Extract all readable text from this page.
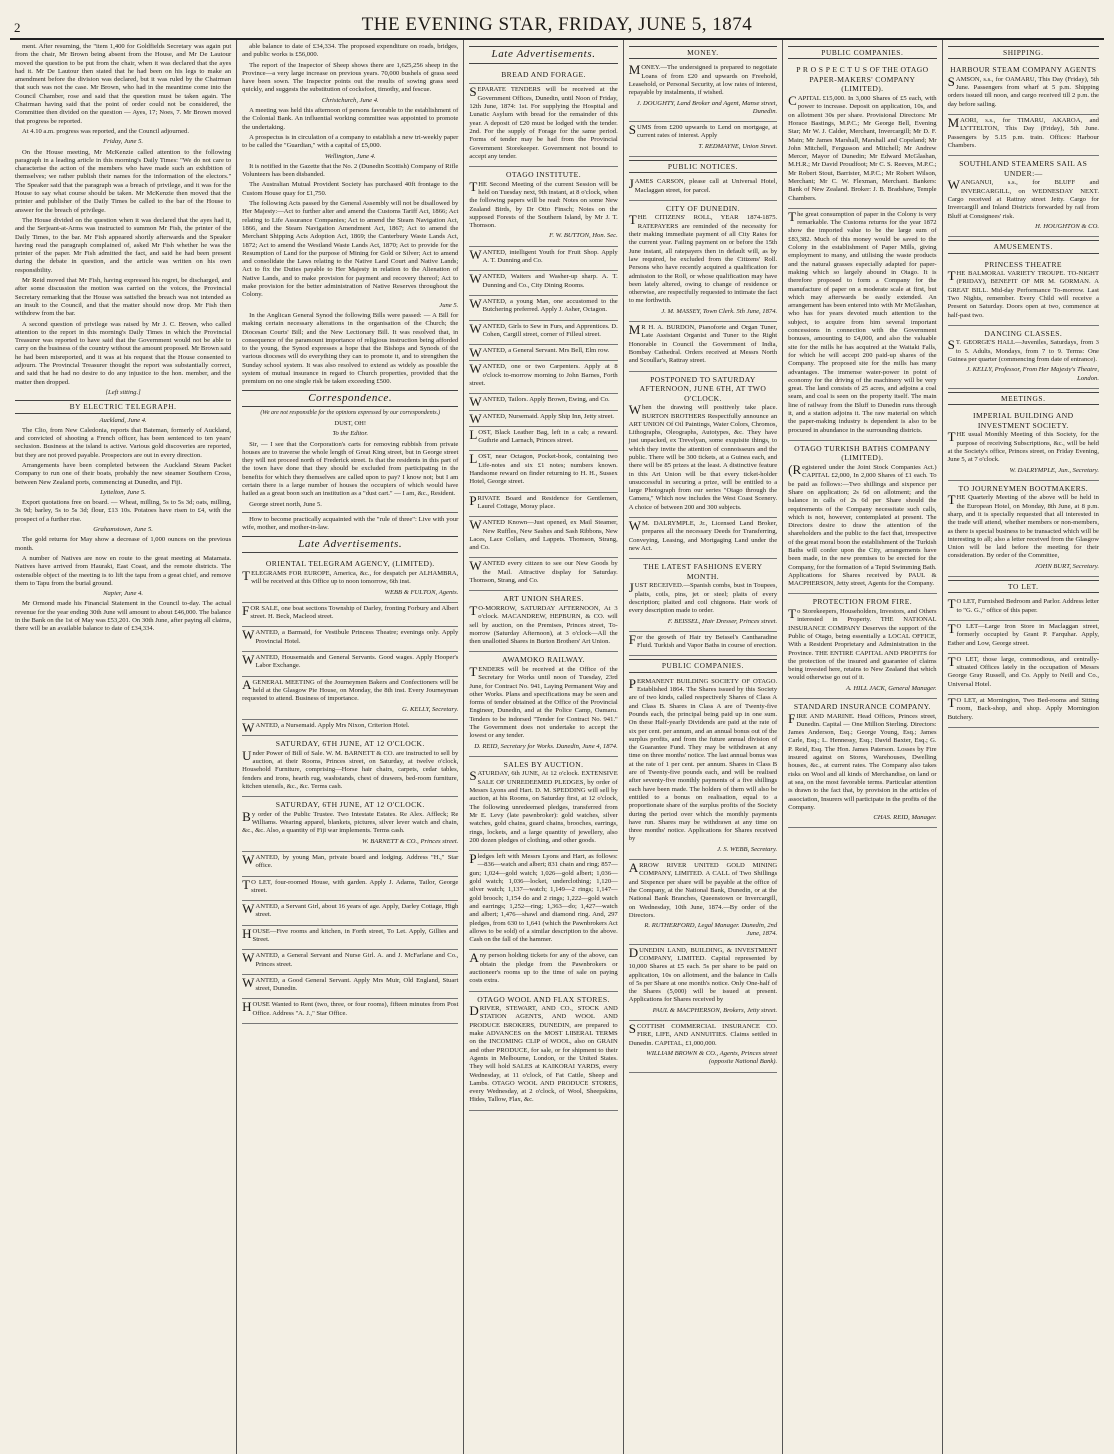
2	THE EVENING STAR, FRIDAY, JUNE 5, 1874

ment. After resuming, the "item 1,400 for Goldfields Secretary was again put from the chair, Mr Brown being absent from the House, and Mr De Lautour moved the question to be put from the chair, when it was declared that the ayes had it. Mr De Lautour then stated that he had been on his legs to make an amendment before the division was declared, but it was ruled by the Chairman that such was not the case. Mr Brown, who had in the meantime come into the Council Chamber, rose and said that the question must be taken again. The Chairman having said that the point of order could not be considered, the Committee then divided on the question — Ayes, 17; Noes, 7. Mr Brown moved that progress be reported.

At 4.10 a.m. progress was reported, and the Council adjourned.

Friday, June 5.

On the House meeting, Mr McKenzie called attention to the following paragraph in a leading article in this morning's Daily Times: "We do not care to characterise the action of the members who have made such an exhibition of themselves; we rather publish their names for the information of the electors." The Speaker said that the paragraph was a breach of privilege, and it was for the House to say what course should be taken. Mr McKenzie then moved that the printer and publisher of the Daily Times be called to the bar of the House to answer for the breach of privilege.

The House divided on the question when it was declared that the ayes had it, and the Serjeant-at-Arms was instructed to summon Mr Fish, the printer of the Daily Times, to the bar. Mr Fish appeared shortly afterwards and the Speaker having read the paragraph complained of, asked Mr Fish whether he was the printer of the paper. Mr Fish admitted the fact, and said he had been present during the debate in question, and the article was written on his own responsibility.

Mr Reid moved that Mr Fish, having expressed his regret, be discharged, and after some discussion the motion was carried on the voices, the Provincial Secretary remarking that the House was satisfied the breach was not intended as an insult to the Council, and that the matter should now drop. Mr Fish then withdrew from the bar.

A second question of privilege was raised by Mr J. C. Brown, who called attention to the report in this morning's Daily Times in which the Provincial Treasurer was reported to have said that the Government would not be able to carry on the business of the country without the amount proposed. Mr Brown said he had been misreported, and it was at his request that the House consented to adjourn. The Provincial Treasurer thought the report was substantially correct, and said that he had no desire to do any injustice to the hon. member, and the matter then dropped.

[Left sitting.]

BY ELECTRIC TELEGRAPH.

Auckland, June 4.

The Clio, from New Caledonia, reports that Bateman, formerly of Auckland, and convicted of shooting a French officer, has been sentenced to ten years' seclusion. Business at the island is active. Various gold discoveries are reported, but they are not proved payable. Prospectors are out in every direction.

Arrangements have been completed between the Auckland Steam Packet Company to run one of their boats, probably the new steamer Southern Cross, between New Zealand ports, commencing at Dunedin, and Fiji.

Lyttelton, June 5.

Export quotations free on board. — Wheat, milling, 5s to 5s 3d; oats, milling, 3s 9d; barley, 5s to 5s 3d; flour, £13 10s. Potatoes have risen to £4, with the prospect of a further rise.

Grahamstown, June 5.

The gold returns for May show a decrease of 1,000 ounces on the previous month.

A number of Natives are now en route to the great meeting at Matamata. Natives have arrived from Hauraki, East Coast, and the remote districts. The ostensible object of the meeting is to lift the tapu from a great chief, and remove them to Tapu from the burial ground.

Napier, June 4.

Mr Ormond made his Financial Statement in the Council to-day. The actual revenue for the year ending 30th June will amount to about £46,000. The balance in the Bank on the 1st of May was £53,201. On 30th June, after paying all claims, there will be an available balance to date of £34,334.

able balance to date of £34,334. The proposed expenditure on roads, bridges, and public works is £56,000.

The report of the Inspector of Sheep shows there are 1,625,256 sheep in the Province—a very large increase on previous years. 70,000 bushels of grass seed have been sown. The Inspector points out the results of sowing grass seed quickly, and suggests the substitution of cocksfoot, timothy, and fescue.

Christchurch, June 4.

A meeting was held this afternoon of persons favorable to the establishment of the Colonial Bank. An influential working committee was appointed to promote the undertaking.

A prospectus is in circulation of a company to establish a new tri-weekly paper to be called the "Guardian," with a capital of £5,000.

Wellington, June 4.

It is notified in the Gazette that the No. 2 (Dunedin Scottish) Company of Rifle Volunteers has been disbanded.

The Australian Mutual Provident Society has purchased 40ft frontage to the Custom House quay for £1,750.

The following Acts passed by the General Assembly will not be disallowed by Her Majesty:—Act to further alter and amend the Customs Tariff Act, 1866; Act relating to Life Assurance Companies; Act to amend the Steam Navigation Act, 1866, and the Steam Navigation Amendment Act, 1867; Act to amend the Merchant Shipping Acts Adoption Act, 1869; the Canterbury Waste Lands Act, 1872; Act to amend the Westland Waste Lands Act, 1870; Act to provide for the Resumption of Land for the purpose of Mining for Gold or Silver; Act to amend and consolidate the Laws relating to the Native Land Court and Native Lands; Act to fix the Duties payable to Her Majesty in relation to the Alienation of Native Lands, and to make provision for payment and recovery thereof; Act to make provision for the better administration of Native Reserves throughout the Colony.

June 5.

In the Anglican General Synod the following Bills were passed: — A Bill for making certain necessary alterations in the organisation of the Church; the Diocesan Courts' Bill; and the New Lectionary Bill. It was resolved that, in consequence of the paramount importance of religious instruction being afforded to the young, the Synod expresses a hope that the Bishops and Synods of the various dioceses will do everything they can to promote it, and to strengthen the Sunday school system. It was also resolved to extend as widely as possible the system of mutual insurance in regard to Church properties, provided that the premium on no one single risk be taken exceeding £500.

Correspondence.

(We are not responsible for the opinions expressed by our correspondents.)

DUST, OH!

To the Editor.

Sir, — I see that the Corporation's carts for removing rubbish from private houses are to traverse the whole length of Great King street, but in George street they will not proceed north of Frederick street. Is that the residents in this part of the town have done that they should be excluded from participating in the benefits for which they themselves are called upon to pay? I know not; but I am certain there is a large number of houses the occupiers of which would have hailed as a great boon such an institution as a "dust cart." — I am, &c., Resident.

George street north, June 5.

How to become practically acquainted with the "rule of three": Live with your wife, mother, and mother-in-law.

Late Advertisements.
ORIENTAL TELEGRAM AGENCY, (LIMITED).

TELEGRAMS FOR EUROPE, America, &c., for despatch per ALHAMBRA, will be received at this Office up to noon tomorrow, 6th inst.

WEBB & FULTON, Agents.

FOR SALE, one boat sections Township of Darley, fronting Forbury and Albert street. H. Beck, Macleod street.

WANTED, a Barmaid, for Vestibule Princess Theatre; evenings only. Apply Provincial Hotel.

WANTED, Housemaids and General Servants. Good wages. Apply Hooper's Labor Exchange.

AGENERAL MEETING of the Journeymen Bakers and Confectioners will be held at the Glasgow Pie House, on Monday, the 8th inst. Every Journeyman requested to attend. Business of importance.

G. KELLY, Secretary.

WANTED, a Nursemaid. Apply Mrs Nixon, Criterion Hotel.

SATURDAY, 6TH JUNE, AT 12 O'CLOCK.

Under Power of Bill of Sale. W. M. BARNETT & CO. are instructed to sell by auction, at their Rooms, Princes street, on Saturday, at twelve o'clock, Household Furniture, comprising—Horse hair chairs, carpets, cedar tables, fenders and irons, hearth rug, washstands, chest of drawers, bed-room furniture, kitchen utensils, &c., &c. Terms cash.

SATURDAY, 6TH JUNE, AT 12 O'CLOCK.

By order of the Public Trustee. Two Intestate Estates. Re Alex. Affleck; Re Williams. Wearing apparel, blankets, pictures, silver lever watch and chain, &c., &c. Also, a quantity of Fiji war implements. Terms cash.

W. BARNETT & CO., Princes street.

WANTED, by young Man, private board and lodging. Address "H.," Star office.

TO LET, four-roomed House, with garden. Apply J. Adams, Tailor, George street.

WANTED, a Servant Girl, about 16 years of age. Apply, Darley Cottage, High street.

HOUSE—Five rooms and kitchen, in Forth street, To Let. Apply, Gillies and Street.

WANTED, a General Servant and Nurse Girl. A. and J. McFarlane and Co., Princes street.

WANTED, a Good General Servant. Apply Mrs Muir, Old England, Stuart street, Dunedin.

HOUSE Wanted to Rent (two, three, or four rooms), fifteen minutes from Post Office. Address "A. J.," Star Office.

Late Advertisements.
BREAD AND FORAGE.

SEPARATE TENDERS will be received at the Government Offices, Dunedin, until Noon of Friday, 12th June, 1874: 1st. For supplying the Hospital and Lunatic Asylum with bread for the remainder of this year. A deposit of £20 must be lodged with the tender. 2nd. For the supply of Forage for the same period. Forms of tender may be had from the Provincial Government Storekeeper. Government not bound to accept any tender.

OTAGO INSTITUTE.

THE Second Meeting of the current Session will be held on Tuesday next, 9th instant, at 8 o'clock, when the following papers will be read: Notes on some New Zealand Birds, by Dr Otto Finsch; Notes on the supposed Forests of the Southern Island, by Mr J. T. Thomson.

F. W. BUTTON, Hon. Sec.

WANTED, intelligent Youth for Fruit Shop. Apply A. T. Dunning and Co.

WANTED, Waiters and Washer-up sharp. A. T. Dunning and Co., City Dining Rooms.

WANTED, a young Man, one accustomed to the Butchering preferred. Apply J. Asher, Octagon.

WANTED, Girls to Sew in Furs, and Apprentices. D. Cohen, Cargill street, corner of Filleul street.

WANTED, a General Servant. Mrs Bell, Elm row.

WANTED, one or two Carpenters. Apply at 8 o'clock to-morrow morning to John Barnes, Forth street.

WANTED, Tailors. Apply Brown, Ewing, and Co.

WANTED, Nursemaid. Apply Ship Inn, Jetty street.

LOST, Black Leather Bag, left in a cab; a reward. Guthrie and Larnach, Princes street.

LOST, near Octagon, Pocket-book, containing two Life-notes and six £1 notes; numbers known. Handsome reward on finder returning to H. H., Sussex Hotel, George street.

PRIVATE Board and Residence for Gentlemen, Laurel Cottage, Moray place.

WANTED Known—Just opened, ex Mail Steamer, New Ruffles, New Sashes and Sash Ribbons, New Laces, Lace Collars, and Lappets. Thomson, Strang, and Co.

WANTED every citizen to see our New Goods by the Mail. Attractive display for Saturday. Thomson, Strang, and Co.

ART UNION SHARES.

TO-MORROW, SATURDAY AFTERNOON, At 3 o'clock. MACANDREW, HEPBURN, & CO. will sell by auction, on the Premises, Princes street, To-morrow (Saturday Afternoon), at 3 o'clock—All the then unallotted Shares in Burton Brothers' Art Union.

AWAMOKO RAILWAY.

TENDERS will be received at the Office of the Secretary for Works until noon of Tuesday, 23rd June, for Contract No. 941, Laying Permanent Way and other Works. Plans and specifications may be seen and forms of tender obtained at the Office of the Provincial Engineer, Dunedin, and at the Police Camp, Oamaru. Tenders to be indorsed "Tender for Contract No. 941." The Government does not undertake to accept the lowest or any tender.

D. REID, Secretary for Works. Dunedin, June 4, 1874.

SALES BY AUCTION.

SATURDAY, 6th JUNE, At 12 o'clock. EXTENSIVE SALE OF UNREDEEMED PLEDGES, by order of Messrs Lyons and Hart. D. M. SPEDDING will sell by auction, at his Rooms, on Saturday first, at 12 o'clock, The following unredeemed pledges, transferred from Mr E. Levy (late pawnbroker): gold watches, silver watches, gold chains, guard chains, brooches, earrings, rings, lockets, and a large quantity of jewellery, also 200 dozen pledges of clothing, and other goods.

Pledges left with Messrs Lyons and Hart, as follows:—836—watch and albert; 831 chain and ring; 857—gun; 1,024—gold watch; 1,026—gold albert; 1,036—gold watch; 1,036—locket, underclothing; 1,120—silver watch; 1,137—watch; 1,149—2 rings; 1,147—gold brooch; 1,154 do and 2 rings; 1,222—gold watch and earrings; 1,252—ring; 1,363—do; 1,427—watch and albert; 1,476—shawl and diamond ring. And, 297 pledges, from 630 to 1,641 (which the Pawnbrokers Act allows to be sold) of a similar description to the above. Cash on the fall of the hammer.

Any person holding tickets for any of the above, can obtain the pledge from the Pawnbrokers or auctioneer's rooms up to the time of sale on paying costs extra.

OTAGO WOOL AND FLAX STORES.

DRIVER, STEWART, AND CO., STOCK AND STATION AGENTS, AND WOOL AND PRODUCE BROKERS, DUNEDIN, are prepared to make ADVANCES on the MOST LIBERAL TERMS on the INCOMING CLIP of WOOL, also on GRAIN and other PRODUCE, for sale, or for shipment to their Agents in Melbourne, London, or the United States. They will hold SALES at KAIKORAI YARDS, every Wednesday, at 11 o'clock, of Fat Cattle, Sheep and Lambs. OTAGO WOOL AND PRODUCE STORES, every Wednesday, at 2 o'clock, of Wool, Sheepskins, Hides, Tallow, Flax, &c.

MONEY.

MONEY.—The undersigned is prepared to negotiate Loans of from £20 and upwards on Freehold, Leasehold, or Personal Security, at low rates of interest, repayable by instalments, if wished.

J. DOUGHTY, Land Broker and Agent, Manse street, Dunedin.

SUMS from £200 upwards to Lend on mortgage, at current rates of interest. Apply

T. REDMAYNE, Union Street.

PUBLIC NOTICES.

JAMES CARSON, please call at Universal Hotel, Maclaggan street, for parcel.

CITY OF DUNEDIN.

THE CITIZENS' ROLL, YEAR 1874-1875. RATEPAYERS are reminded of the necessity for their making immediate payment of all City Rates for the current year. Failing payment on or before the 15th June instant, all ratepayers then in default will, as by law required, be excluded from the Citizens' Roll. Persons who have recently acquired a qualification for admission to the Roll, or whose qualification may have been lately altered, owing to change of residence or otherwise, are respectfully requested to intimate the fact to me forthwith.

J. M. MASSEY, Town Clerk. 5th June, 1874.

MR H. A. BURDON, Pianoforte and Organ Tuner, Late Assistant Organist and Tuner to the Right Honorable in Council the Government of India, Bombay Cathedral. Orders received at Messrs North and Scoullar's, Rattray street.

POSTPONED TO SATURDAY AFTERNOON, JUNE 6TH, AT TWO O'CLOCK.

When the drawing will positively take place. BURTON BROTHERS Respectfully announce an ART UNION Of Oil Paintings, Water Colors, Chromos, Lithographs, Oleographs, Autotypes, &c. They have just unpacked, ex Trevelyan, some exquisite things, to which they invite the attention of connoisseurs and the public. There will be 300 tickets, at a Guinea each, and there will be 85 prizes at the least. A distinctive feature in this Art Union will be that every ticket-holder unsuccessful in securing a prize, will be entitled to a large Photograph from our series "Otago through the Camera," Which now includes the West Coast Scenery. A choice of between 200 and 300 subjects.

WM. DALRYMPLE, Jr., Licensed Land Broker, prepares all the necessary Deeds for Transferring, Conveying, Leasing, and Mortgaging Land under the new Act.

THE LATEST FASHIONS EVERY MONTH.

JUST RECEIVED.—Spanish combs, bust in Toupees, plaits, coils, pins, jet or steel; plaits of every description; plaited and coil chignons. Hair work of every description made to order.

F. BEISSEL, Hair Dresser, Princes street.

For the growth of Hair try Beissel's Cantharadine Fluid. Turkish and Vapor Baths in course of erection.

PUBLIC COMPANIES.

PERMANENT BUILDING SOCIETY OF OTAGO. Established 1864. The Shares issued by this Society are of two kinds, called respectively Shares of Class A and Class B. Shares in Class A are of Twenty-five Pounds each, the principal being paid up in one sum. On these Half-yearly Dividends are paid at the rate of six per cent. per annum, and an annual bonus out of the surplus profits, and from the future annual division of the Guarantee Fund. They may be withdrawn at any time on three months' notice. The last annual bonus was at the rate of 1 per cent. per annum. Shares in Class B are of Twenty-five pounds each, and will be realised after seventy-five monthly payments of a five shillings each have been made. The holders of them will also be entitled to a bonus on realisation, equal to a proportionate share of the surplus profits of the Society during the period over which the monthly payments have run. Shares may be withdrawn at any time on three months' notice. Applications for Shares received by

J. S. WEBB, Secretary.

ARROW RIVER UNITED GOLD MINING COMPANY, LIMITED. A CALL of Two Shillings and Sixpence per share will be payable at the office of the Company, at the National Bank, Dunedin, or at the National Bank Branches, Queenstown or Invercargill, on Wednesday, 10th June, 1874.—By order of the Directors.

R. RUTHERFORD, Legal Manager. Dunedin, 2nd June, 1874.

DUNEDIN LAND, BUILDING, & INVESTMENT COMPANY, LIMITED. Capital represented by 10,000 Shares at £5 each. 5s per share to be paid on application, 10s on allotment, and the balance in Calls of 5s per Share at one month's notice. Only One-half of the Shares (5,000) will be issued at present. Applications for Shares received by

PAUL & MACPHERSON, Brokers, Jetty street.

SCOTTISH COMMERCIAL INSURANCE CO. FIRE, LIFE, AND ANNUITIES. Claims settled in Dunedin. CAPITAL, £1,000,000.

WILLIAM BROWN & CO., Agents, Princes street (opposite National Bank).

PUBLIC COMPANIES.
P R O S P E C T U S OF THE OTAGO PAPER-MAKERS' COMPANY (LIMITED).

CAPITAL £15,000. In 3,000 Shares of £5 each, with power to increase. Deposit on application, 10s, and on allotment 30s per share. Provisional Directors: Mr Horace Bastings, M.P.C.; Mr George Bell, Evening Star; Mr W. J. Calder, Merchant, Invercargill; Mr D. F. Main; Mr James Marshall, Marshall and Copeland; Mr John Mitchell, Fergusson and Mitchell; Mr Andrew Mercer, Mayor of Dunedin; Mr Edward McGlashan, M.H.R.; Mr David Proudfoot; Mr C. S. Reeves, M.P.C.; Mr Robert Stout, Barrister, M.P.C.; Mr Robert Wilson, Merchant; Mr C. W. Flexman, Merchant. Bankers: Bank of New Zealand. Broker: J. B. Bradshaw, Temple Chambers.

The great consumption of paper in the Colony is very remarkable. The Customs returns for the year 1872 show the imported value to be the large sum of £83,382. Much of this money would be saved to the Colony in the establishment of Paper Mills, giving employment to many, and utilising the waste products and the natural grasses especially adapted for paper-making which so largely abound in Otago. It is therefore proposed to form a Company for the manufacture of paper on a moderate scale at first, but which may afterwards be easily extended. An arrangement has been entered into with Mr McGlashan, who has for years devoted much attention to the subject, to acquire from him several important concessions in connection with the Government bonuses, amounting to £4,000, and also the valuable site for the mills he has acquired at the Waitaki Falls, for which he will accept 200 paid-up shares of the Company. The proposed site for the mills has many advantages. The immense water-power in point of economy for the driving of the machinery will be very great. The land consists of 25 acres, and adjoins a coal seam, and coal is seen on the property itself. The main line of railway from the Bluff to Dunedin runs through it, and a station adjoins it. The raw material on which the paper-making industry is dependent is also to be procured in abundance in the surrounding districts.

OTAGO TURKISH BATHS COMPANY (LIMITED).

(Registered under the Joint Stock Companies Act.) CAPITAL £2,000, In 2,000 Shares of £1 each. To be paid as follows:—Two shillings and sixpence per Share on application; 2s 6d on allotment; and the balance in calls of 2s 6d per Share should the requirements of the Company necessitate such calls, which is not, however, contemplated at present. The Directors desire to draw the attention of the shareholders and the public to the fact that, irrespective of the great moral boon the establishment of the Turkish Baths will confer upon the City, arrangements have been made, in the new premises to be erected for the Company, for the formation of a Tepid Swimming Bath. Applications for Shares received by PAUL & MACPHERSON, Jetty street, Agents for the Company.

PROTECTION FROM FIRE.

To Storekeepers, Householders, Investors, and Others interested in Property. THE NATIONAL INSURANCE COMPANY Deserves the support of the Public of Otago, being essentially a LOCAL OFFICE, With a Resident Proprietary and Administration in the Province. THE ENTIRE CAPITAL AND PROFITS for the protection of the insured and guarantee of claims being invested here, retains to New Zealand that which would otherwise go out of it.

A. HILL JACK, General Manager.

STANDARD INSURANCE COMPANY.

FIRE AND MARINE. Head Offices, Princes street, Dunedin. Capital — One Million Sterling. Directors: James Anderson, Esq.; George Young, Esq.; James Carle, Esq.; L. Hennessy, Esq.; David Baxter, Esq.; G. P. Reid, Esq. The Hon. James Paterson. Losses by Fire insured against on Stores, Warehouses, Dwelling houses, &c., at current rates. The Company also takes risks on Wool and all kinds of Merchandise, on land or at sea, on the most favorable terms. Particular attention is drawn to the fact that, by provision in the articles of association, Insurers will participate in the profits of the Company.

CHAS. REID, Manager.

SHIPPING.
HARBOUR STEAM COMPANY AGENTS

SAMSON, s.s., for OAMARU, This Day (Friday), 5th June. Passengers from wharf at 5 p.m. Shipping orders issued till noon, and cargo received till 2 p.m. the day before sailing.

MAORI, s.s., for TIMARU, AKAROA, and LYTTELTON, This Day (Friday), 5th June. Passengers by 5.15 p.m. train. Offices: Harbour Chambers.

SOUTHLAND STEAMERS SAIL AS UNDER:—

WANGANUI, s.s., for BLUFF and INVERCARGILL, on WEDNESDAY NEXT. Cargo received at Rattray street Jetty. Cargo for Invercargill and Inland Districts forwarded by rail from Bluff at Consignees' risk.

H. HOUGHTON & CO.

AMUSEMENTS.
PRINCESS THEATRE

THE BALMORAL VARIETY TROUPE. TO-NIGHT (FRIDAY), BENEFIT OF MR M. GORMAN. A GREAT BILL. Mid-day Performance To-morrow. Last Two Nights, remember. Every Child will receive a Present on Saturday. Doors open at two, commence at half-past two.

DANCING CLASSES.

ST. GEORGE'S HALL—Juveniles, Saturdays, from 3 to 5. Adults, Mondays, from 7 to 9. Terms: One Guinea per quarter (commencing from date of entrance).

J. KELLY, Professor, From Her Majesty's Theatre, London.

MEETINGS.
IMPERIAL BUILDING AND INVESTMENT SOCIETY.

THE usual Monthly Meeting of this Society, for the purpose of receiving Subscriptions, &c., will be held at the Society's office, Princes street, on Friday Evening, June 5, at 7 o'clock.

W. DALRYMPLE, Jun., Secretary.

TO JOURNEYMEN BOOTMAKERS.

THE Quarterly Meeting of the above will be held in the European Hotel, on Monday, 8th June, at 8 p.m. sharp, and it is specially requested that all interested in the trade will attend, whether members or non-members, as there is special business to be transacted which will be interesting to all; also a letter received from the Glasgow Union will be laid before the meeting for their consideration. By order of the Committee,

JOHN BURT, Secretary.

TO LET.

TO LET, Furnished Bedroom and Parlor. Address letter to "G. G.," office of this paper.

TO LET—Large Iron Store in Maclaggan street, formerly occupied by Grant P. Farquhar. Apply, Esther and Low, George street.

TO LET, those large, commodious, and centrally-situated Offices lately in the occupation of Messrs George Gray Russell, and Co. Apply to Neill and Co., Universal Hotel.

TO LET, at Mornington, Two Bed-rooms and Sitting room, Back-shop, and shop. Apply Mornington Butchery.
